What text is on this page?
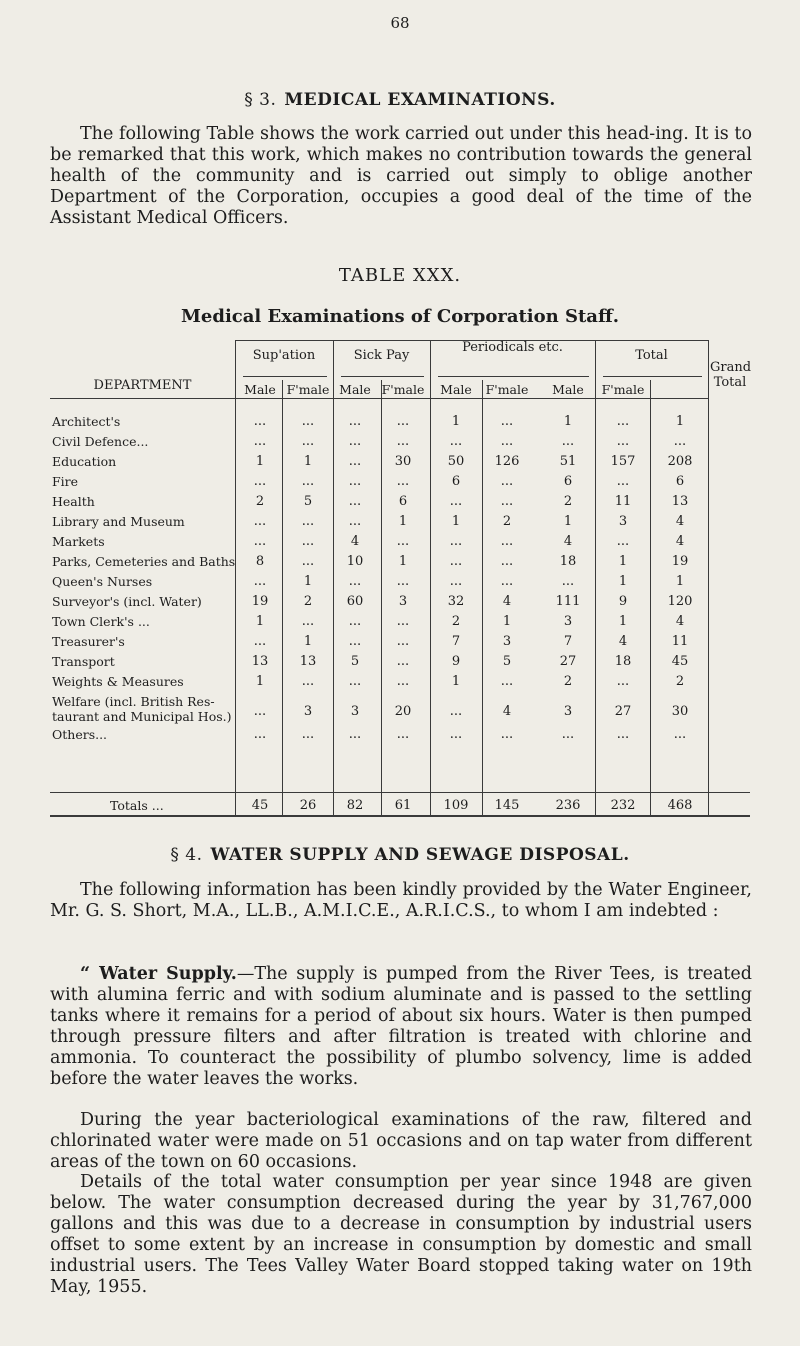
68
§ 3. MEDICAL EXAMINATIONS.
The following Table shows the work carried out under this head-ing. It is to be remarked that this work, which makes no contribution towards the general health of the community and is carried out simply to oblige another Department of the Corporation, occupies a good deal of the time of the Assistant Medical Officers.
TABLE XXX.
Medical Examinations of Corporation Staff.
Sup'ation	Sick Pay
Periodicals etc.
Total
Grand Total
DEPARTMENT	Male F'male Male F'male	Male	F'male	Male	F'male
Architect's	...	...	...	...	1	...	1	...	1
Civil Defence...	...	...	...	...	...	...	...	...	...
Education	1	1	...	30	50	126	51	157	208
Fire	...	...	...	...	6	...	6	...	6
Health	2	5	...	6	...	...	2	11	13
Library and Museum	...	...	...	1	1	2	1	3	4
Markets	...	...	4	...	...	...	4	...	4
Parks, Cemeteries and Baths	8	...	10	1	...	...	18	1	19
Queen's Nurses	...	1	...	...	...	...	...	1	1
Surveyor's (incl. Water)	19	2	60	3	32	4	111	9	120
Town Clerk's ...	1	...	...	...	2	1	3	1	4
Treasurer's	...	1	...	...	7	3	7	4	11
Transport	13	13	5	...	9	5	27	18	45
Weights & Measures	1	...	...	...	1	...	2	...	2
Welfare (incl. British Res-
taurant and Municipal Hos.)	...	3	3	20	...	4	3	27	30
Others...	...	...	...	...	...	...	...	...	...
Totals ...	45	26	82	61	109	145	236	232	468
§ 4. WATER SUPPLY AND SEWAGE DISPOSAL.
The following information has been kindly provided by the Water Engineer, Mr. G. S. Short, M.A., LL.B., A.M.I.C.E., A.R.I.C.S., to whom I am indebted :
“ Water Supply.—The supply is pumped from the River Tees, is treated with alumina ferric and with sodium aluminate and is passed to the settling tanks where it remains for a period of about six hours. Water is then pumped through pressure filters and after filtration is treated with chlorine and ammonia. To counteract the possibility of plumbo solvency, lime is added before the water leaves the works.
During the year bacteriological examinations of the raw, filtered and chlorinated water were made on 51 occasions and on tap water from different areas of the town on 60 occasions.
Details of the total water consumption per year since 1948 are given below. The water consumption decreased during the year by 31,767,000 gallons and this was due to a decrease in consumption by industrial users offset to some extent by an increase in consumption by domestic and small industrial users. The Tees Valley Water Board stopped taking water on 19th May, 1955.
